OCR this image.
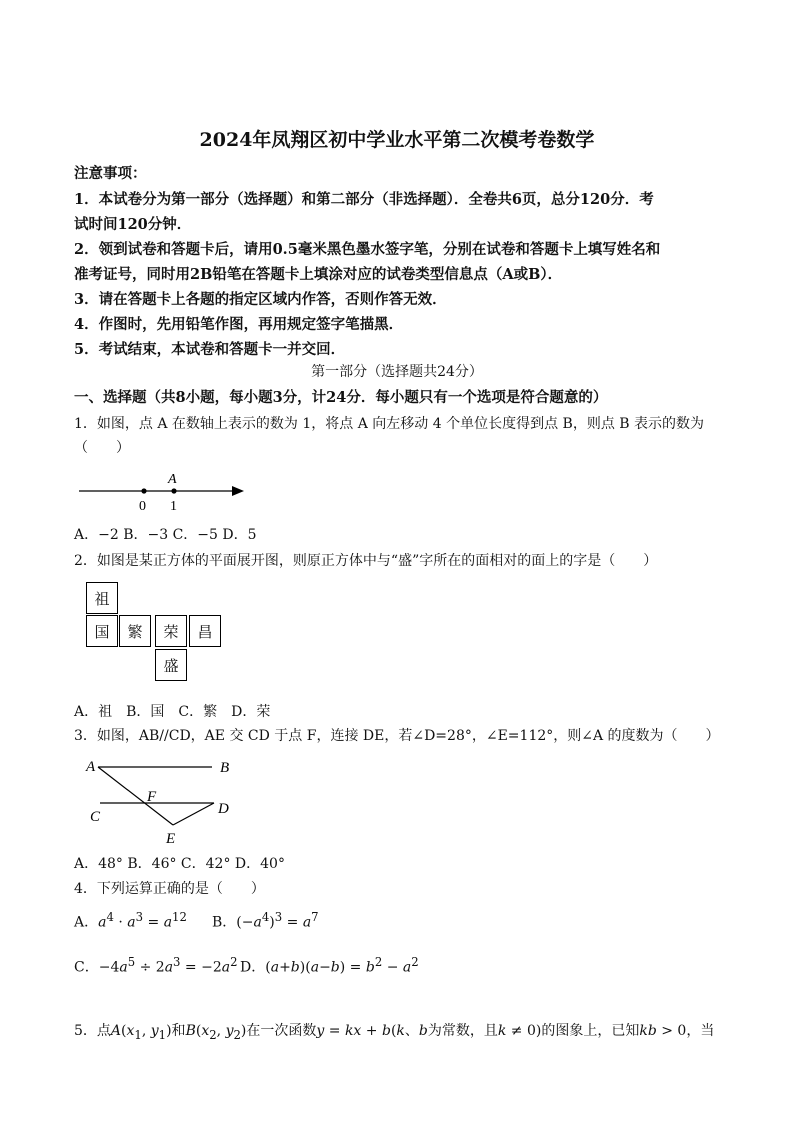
2024年凤翔区初中学业水平第二次模考卷数学
注意事项：
1．本试卷分为第一部分（选择题）和第二部分（非选择题）．全卷共6页，总分120分．考
试时间120分钟．
2．领到试卷和答题卡后，请用0.5毫米黑色墨水签字笔，分别在试卷和答题卡上填写姓名和
准考证号，同时用2B铅笔在答题卡上填涂对应的试卷类型信息点（A或B）．
3．请在答题卡上各题的指定区域内作答，否则作答无效．
4．作图时，先用铅笔作图，再用规定签字笔描黑．
5．考试结束，本试卷和答题卡一并交回．
第一部分（选择题共24分）
一、选择题（共8小题，每小题3分，计24分．每小题只有一个选项是符合题意的）
1．如图，点 A 在数轴上表示的数为 1，将点 A 向左移动 4 个单位长度得到点 B，则点 B 表示的数为
（　　）
A
0 1
A．−2 B．−3 C．−5 D．5
2．如图是某正方体的平面展开图，则原正方体中与“盛”字所在的面相对的面上的字是（　　）
祖
国	繁	荣	昌
盛
A．祖　B．国　C．繁　D．荣
3．如图，AB//CD，AE 交 CD 于点 F，连接 DE，若∠D=28°，∠E=112°，则∠A 的度数为（　　）
A	B
C	D
E
F
A．48° B．46° C．42° D．40°
4．下列运算正确的是（　　）
A．$a^4 \cdot a^3 = a^{12}$ B．$(-a^4)^3 = a^7$
C．$-4a^5 \div 2a^3 = -2a^2$ D．$(a+b)(a-b) = b^2 - a^2$
5．点$A(x_1$, $y_1$)和$B(x_2$, $y_2$)在一次函数y = kx + b(k、b为常数，且k ≠ 0)的图象上，已知kb > 0，当
